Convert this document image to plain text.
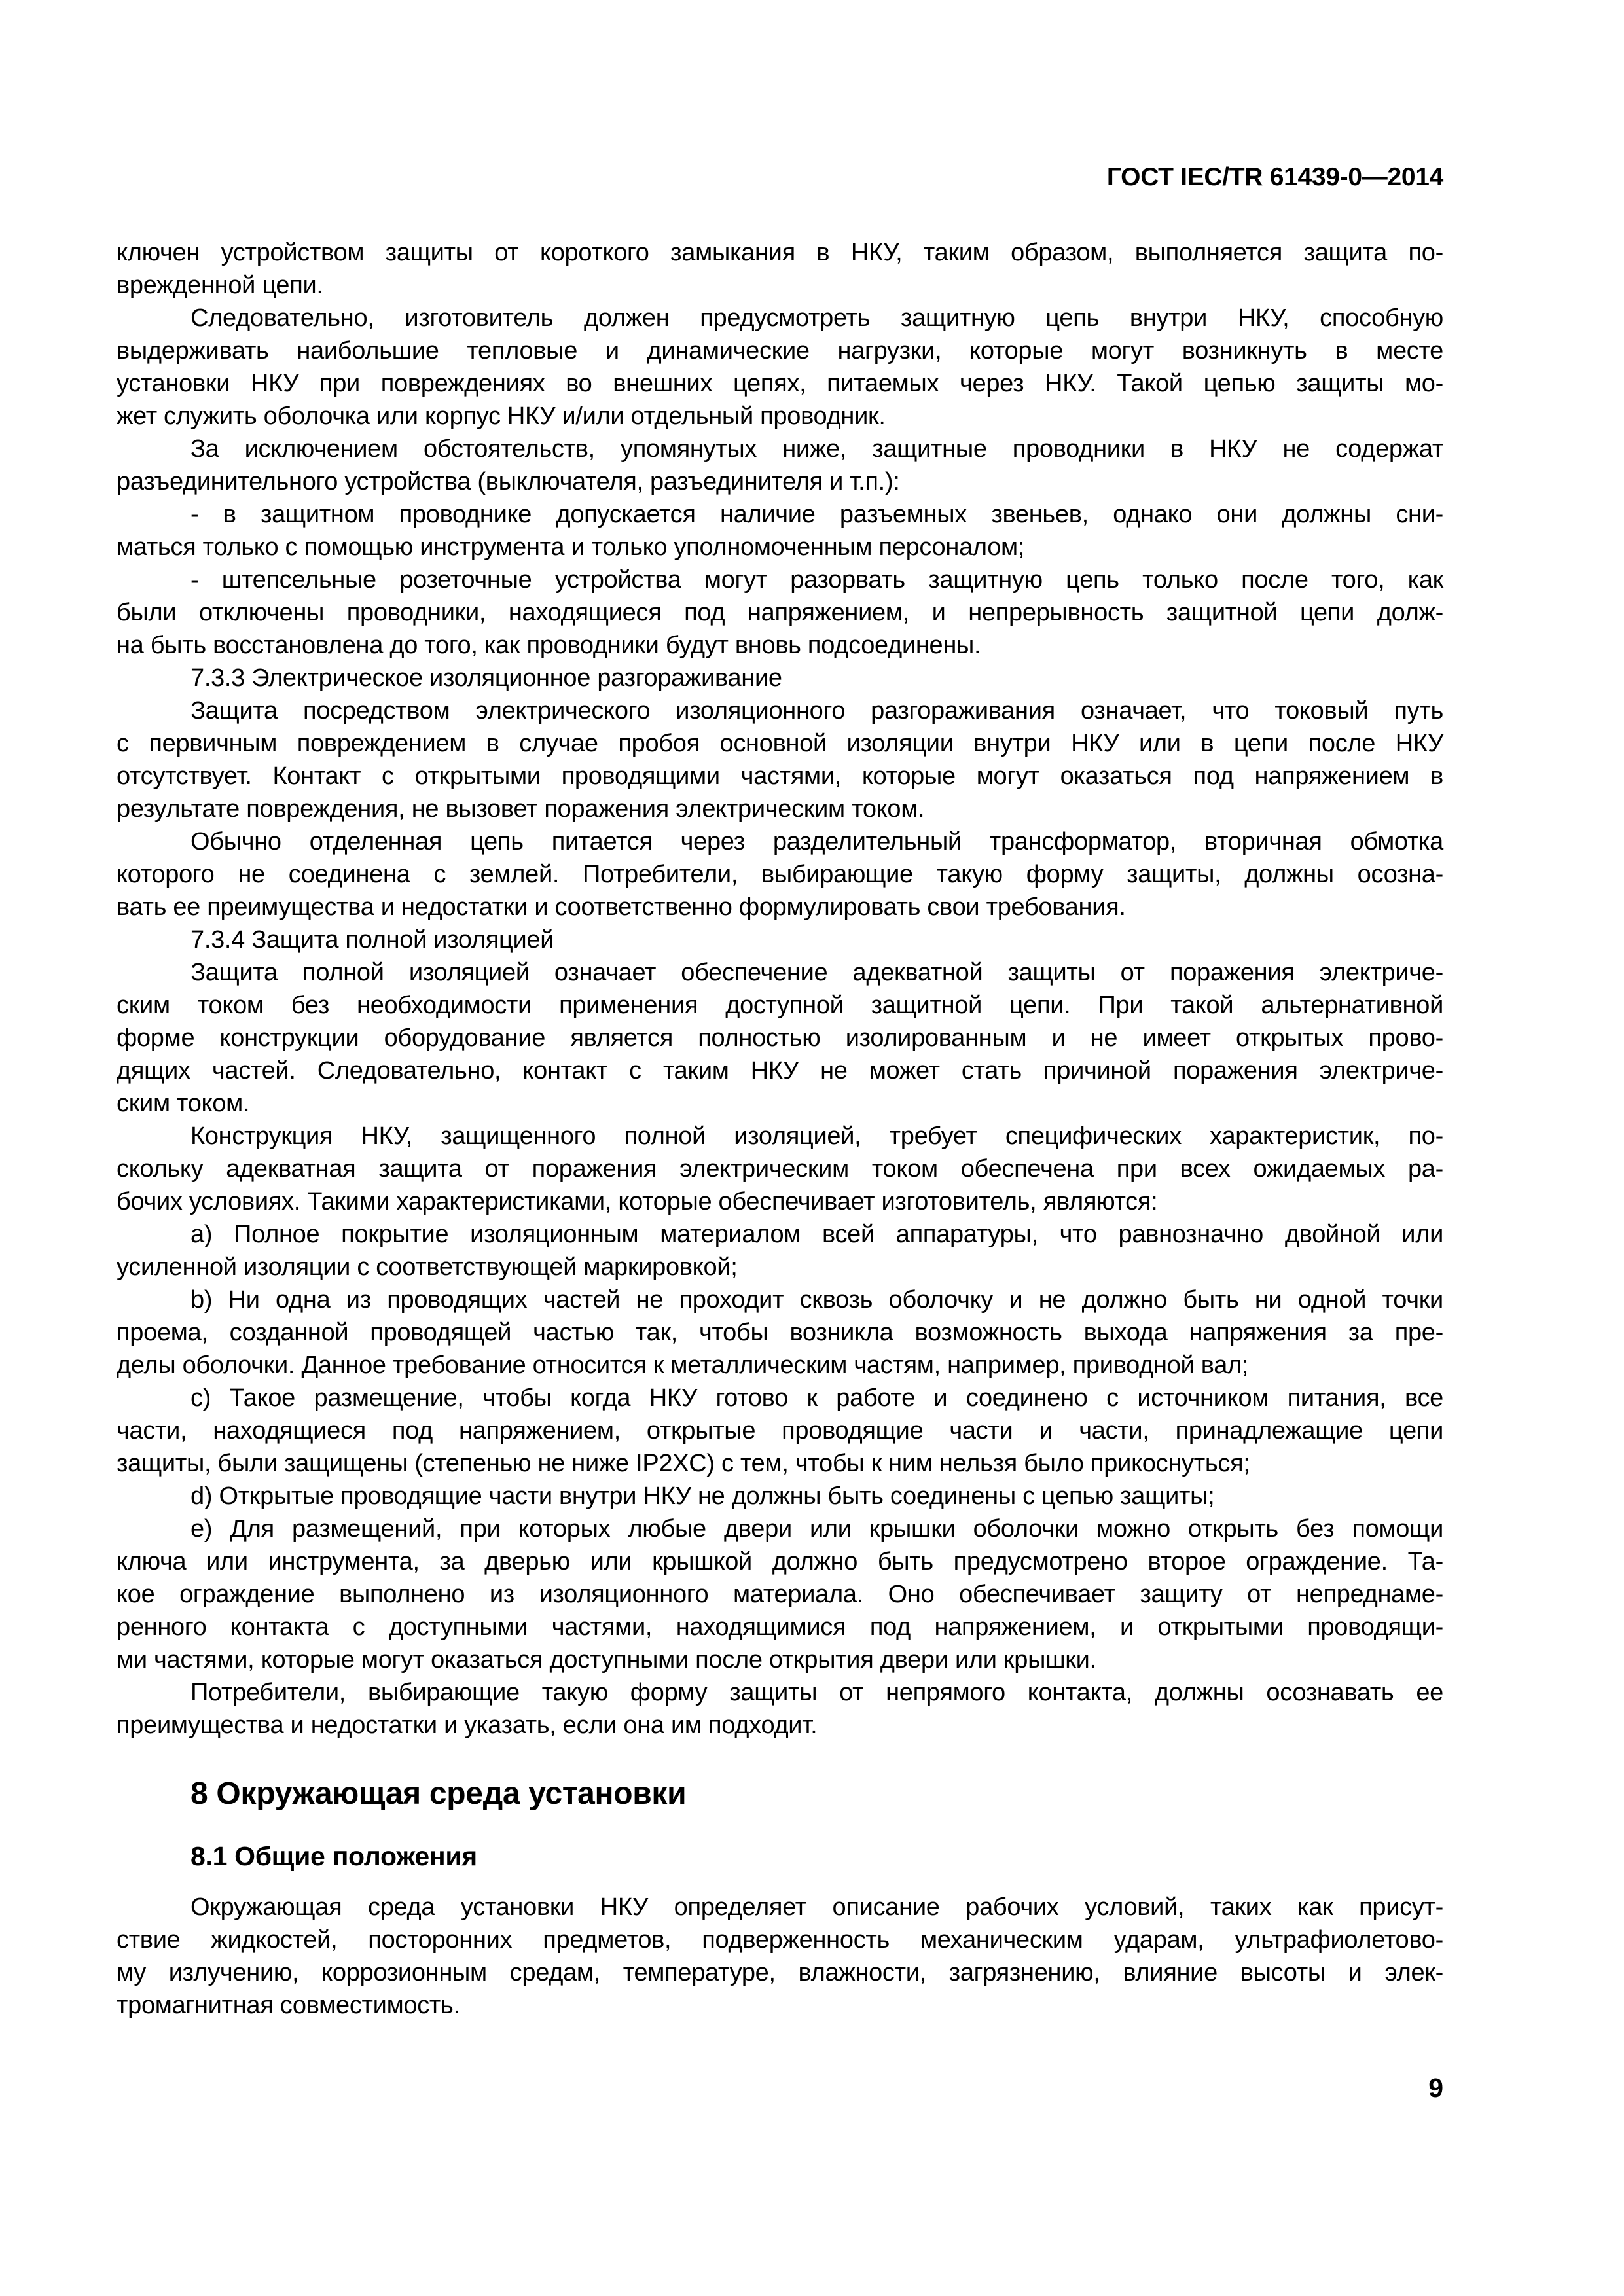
ГОСТ IEC/TR 61439-0—2014
ключен устройством защиты от короткого замыкания в НКУ, таким образом, выполняется защита по-
врежденной цепи.
Следовательно, изготовитель должен предусмотреть защитную цепь внутри НКУ, способную
выдерживать наибольшие тепловые и динамические нагрузки, которые могут возникнуть в месте
установки НКУ при повреждениях во внешних цепях, питаемых через НКУ. Такой цепью защиты мо-
жет служить оболочка или корпус НКУ и/или отдельный проводник.
За исключением обстоятельств, упомянутых ниже, защитные проводники в НКУ не содержат
разъединительного устройства (выключателя, разъединителя и т.п.):
- в защитном проводнике допускается наличие разъемных звеньев, однако они должны сни-
маться только с помощью инструмента и только уполномоченным персоналом;
- штепсельные розеточные устройства могут разорвать защитную цепь только после того, как
были отключены проводники, находящиеся под напряжением, и непрерывность защитной цепи долж-
на быть восстановлена до того, как проводники будут вновь подсоединены.
7.3.3 Электрическое изоляционное разгораживание
Защита посредством электрического изоляционного разгораживания означает, что токовый путь
с первичным повреждением в случае пробоя основной изоляции внутри НКУ или в цепи после НКУ
отсутствует. Контакт с открытыми проводящими частями, которые могут оказаться под напряжением в
результате повреждения, не вызовет поражения электрическим током.
Обычно отделенная цепь питается через разделительный трансформатор, вторичная обмотка
которого не соединена с землей. Потребители, выбирающие такую форму защиты, должны осозна-
вать ее преимущества и недостатки и соответственно формулировать свои требования.
7.3.4 Защита полной изоляцией
Защита полной изоляцией означает обеспечение адекватной защиты от поражения электриче-
ским током без необходимости применения доступной защитной цепи. При такой альтернативной
форме конструкции оборудование является полностью изолированным и не имеет открытых прово-
дящих частей. Следовательно, контакт с таким НКУ не может стать причиной поражения электриче-
ским током.
Конструкция НКУ, защищенного полной изоляцией, требует специфических характеристик, по-
скольку адекватная защита от поражения электрическим током обеспечена при всех ожидаемых ра-
бочих условиях. Такими характеристиками, которые обеспечивает изготовитель, являются:
a) Полное покрытие изоляционным материалом всей аппаратуры, что равнозначно двойной или
усиленной изоляции с соответствующей маркировкой;
b) Ни одна из проводящих частей не проходит сквозь оболочку и не должно быть ни одной точки
проема, созданной проводящей частью так, чтобы возникла возможность выхода напряжения за пре-
делы оболочки. Данное требование относится к металлическим частям, например, приводной вал;
c) Такое размещение, чтобы когда НКУ готово к работе и соединено с источником питания, все
части, находящиеся под напряжением, открытые проводящие части и части, принадлежащие цепи
защиты, были защищены (степенью не ниже IP2XC) с тем, чтобы к ним нельзя было прикоснуться;
d) Открытые проводящие части внутри НКУ не должны быть соединены с цепью защиты;
e) Для размещений, при которых любые двери или крышки оболочки можно открыть без помощи
ключа или инструмента, за дверью или крышкой должно быть предусмотрено второе ограждение. Та-
кое ограждение выполнено из изоляционного материала. Оно обеспечивает защиту от непреднаме-
ренного контакта с доступными частями, находящимися под напряжением, и открытыми проводящи-
ми частями, которые могут оказаться доступными после открытия двери или крышки.
Потребители, выбирающие такую форму защиты от непрямого контакта, должны осознавать ее
преимущества и недостатки и указать, если она им подходит.
8 Окружающая среда установки
8.1 Общие положения
Окружающая среда установки НКУ определяет описание рабочих условий, таких как присут-
ствие жидкостей, посторонних предметов, подверженность механическим ударам, ультрафиолетово-
му излучению, коррозионным средам, температуре, влажности, загрязнению, влияние высоты и элек-
тромагнитная совместимость.
9
